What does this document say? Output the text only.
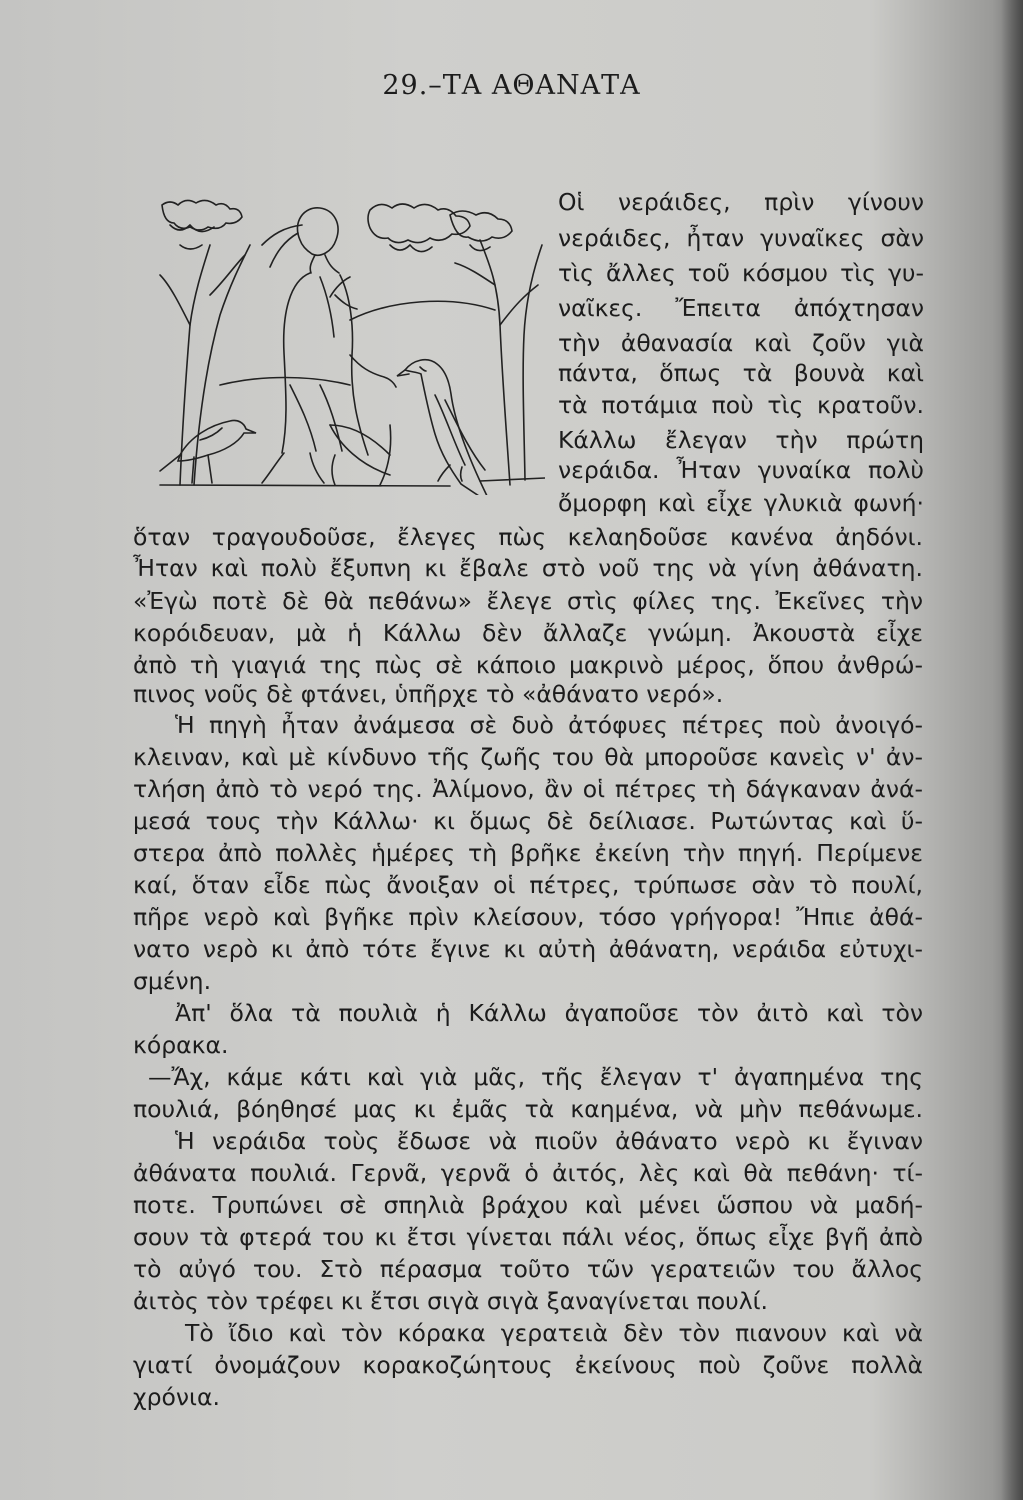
29.–ΤΑ ΑΘΑΝΑΤΑ
Οἱ νεράιδες, πρὶν γίνουν
νεράιδες, ἦταν γυναῖκες σὰν
τὶς ἄλλες τοῦ κόσμου τὶς γυ-
ναῖκες. Ἔπειτα ἀπόχτησαν
τὴν ἀθανασία καὶ ζοῦν γιὰ
πάντα, ὅπως τὰ βουνὰ καὶ
τὰ ποτάμια ποὺ τὶς κρατοῦν.
Κάλλω ἔλεγαν τὴν πρώτη
νεράιδα. Ἦταν γυναίκα πολὺ
ὄμορφη καὶ εἶχε γλυκιὰ φωνή·
ὅταν τραγουδοῦσε, ἔλεγες πὼς κελαηδοῦσε κανένα ἀηδόνι.
Ἦταν καὶ πολὺ ἔξυπνη κι ἔβαλε στὸ νοῦ της νὰ γίνη ἀθάνατη.
«Ἐγὼ ποτὲ δὲ θὰ πεθάνω» ἔλεγε στὶς φίλες της. Ἐκεῖνες τὴν
κορόιδευαν, μὰ ἡ Κάλλω δὲν ἄλλαζε γνώμη. Ἀκουστὰ εἶχε
ἀπὸ τὴ γιαγιά της πὼς σὲ κάποιο μακρινὸ μέρος, ὅπου ἀνθρώ-
πινος νοῦς δὲ φτάνει, ὑπῆρχε τὸ «ἀθάνατο νερό».
Ἡ πηγὴ ἦταν ἀνάμεσα σὲ δυὸ ἀτόφυες πέτρες ποὺ ἀνοιγό-
κλειναν, καὶ μὲ κίνδυνο τῆς ζωῆς του θὰ μποροῦσε κανεὶς ν' ἀν-
τλήση ἀπὸ τὸ νερό της. Ἀλίμονο, ἂν οἱ πέτρες τὴ δάγκαναν ἀνά-
μεσά τους τὴν Κάλλω· κι ὅμως δὲ δείλιασε. Ρωτώντας καὶ ὕ-
στερα ἀπὸ πολλὲς ἡμέρες τὴ βρῆκε ἐκείνη τὴν πηγή. Περίμενε
καί, ὅταν εἶδε πὼς ἄνοιξαν οἱ πέτρες, τρύπωσε σὰν τὸ πουλί,
πῆρε νερὸ καὶ βγῆκε πρὶν κλείσουν, τόσο γρήγορα! Ἤπιε ἀθά-
νατο νερὸ κι ἀπὸ τότε ἔγινε κι αὐτὴ ἀθάνατη, νεράιδα εὐτυχι-
σμένη.
Ἀπ' ὅλα τὰ πουλιὰ ἡ Κάλλω ἀγαποῦσε τὸν ἀιτὸ καὶ τὸν
κόρακα.
—Ἄχ, κάμε κάτι καὶ γιὰ μᾶς, τῆς ἔλεγαν τ' ἀγαπημένα της
πουλιά, βόηθησέ μας κι ἐμᾶς τὰ καημένα, νὰ μὴν πεθάνωμε.
Ἡ νεράιδα τοὺς ἔδωσε νὰ πιοῦν ἀθάνατο νερὸ κι ἔγιναν
ἀθάνατα πουλιά. Γερνᾶ, γερνᾶ ὁ ἀιτός, λὲς καὶ θὰ πεθάνη· τί-
ποτε. Τρυπώνει σὲ σπηλιὰ βράχου καὶ μένει ὥσπου νὰ μαδή-
σουν τὰ φτερά του κι ἔτσι γίνεται πάλι νέος, ὅπως εἶχε βγῆ ἀπὸ
τὸ αὐγό του. Στὸ πέρασμα τοῦτο τῶν γερατειῶν του ἄλλος
ἀιτὸς τὸν τρέφει κι ἔτσι σιγὰ σιγὰ ξαναγίνεται πουλί.
Τὸ ἴδιο καὶ τὸν κόρακα γερατειὰ δὲν τὸν πιανουν καὶ νὰ
γιατί ὀνομάζουν κορακοζώητους ἐκείνους ποὺ ζοῦνε πολλὰ
χρόνια.
